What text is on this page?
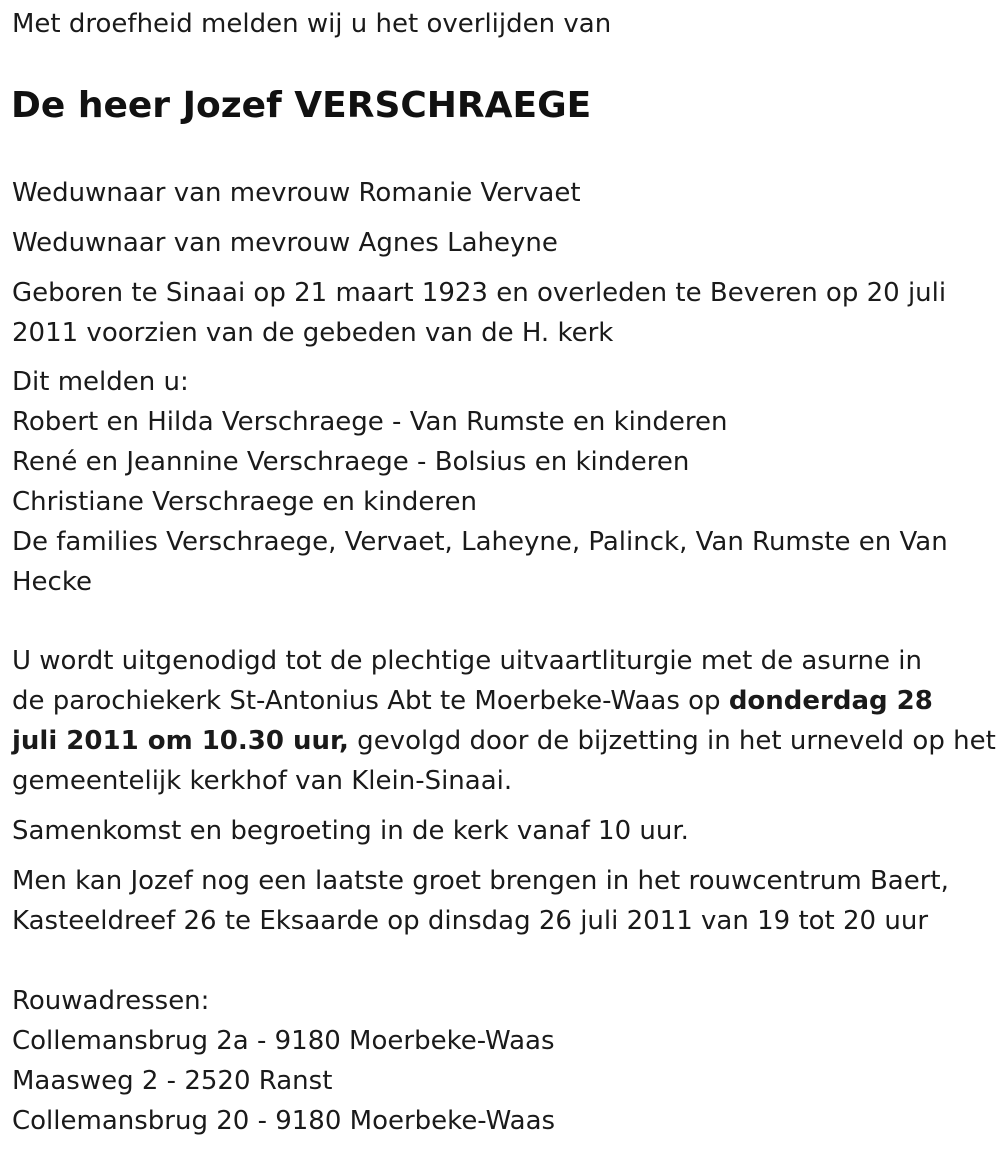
Met droefheid melden wij u het overlijden van

De heer Jozef VERSCHRAEGE

Weduwnaar van mevrouw Romanie Vervaet

Weduwnaar van mevrouw Agnes Laheyne

Geboren te Sinaai op 21 maart 1923 en overleden te Beveren op 20 juli

2011 voorzien van de gebeden van de H. kerk

Dit melden u:

Robert en Hilda Verschraege - Van Rumste en kinderen

René en Jeannine Verschraege - Bolsius en kinderen

Christiane Verschraege en kinderen

De families Verschraege, Vervaet, Laheyne, Palinck, Van Rumste en Van

Hecke

U wordt uitgenodigd tot de plechtige uitvaartliturgie met de asurne in

de parochiekerk St-Antonius Abt te Moerbeke-Waas op donderdag 28

juli 2011 om 10.30 uur, gevolgd door de bijzetting in het urneveld op het

gemeentelijk kerkhof van Klein-Sinaai.

Samenkomst en begroeting in de kerk vanaf 10 uur.

Men kan Jozef nog een laatste groet brengen in het rouwcentrum Baert,

Kasteeldreef 26 te Eksaarde op dinsdag 26 juli 2011 van 19 tot 20 uur

Rouwadressen:

Collemansbrug 2a - 9180 Moerbeke-Waas

Maasweg 2 - 2520 Ranst

Collemansbrug 20 - 9180 Moerbeke-Waas
